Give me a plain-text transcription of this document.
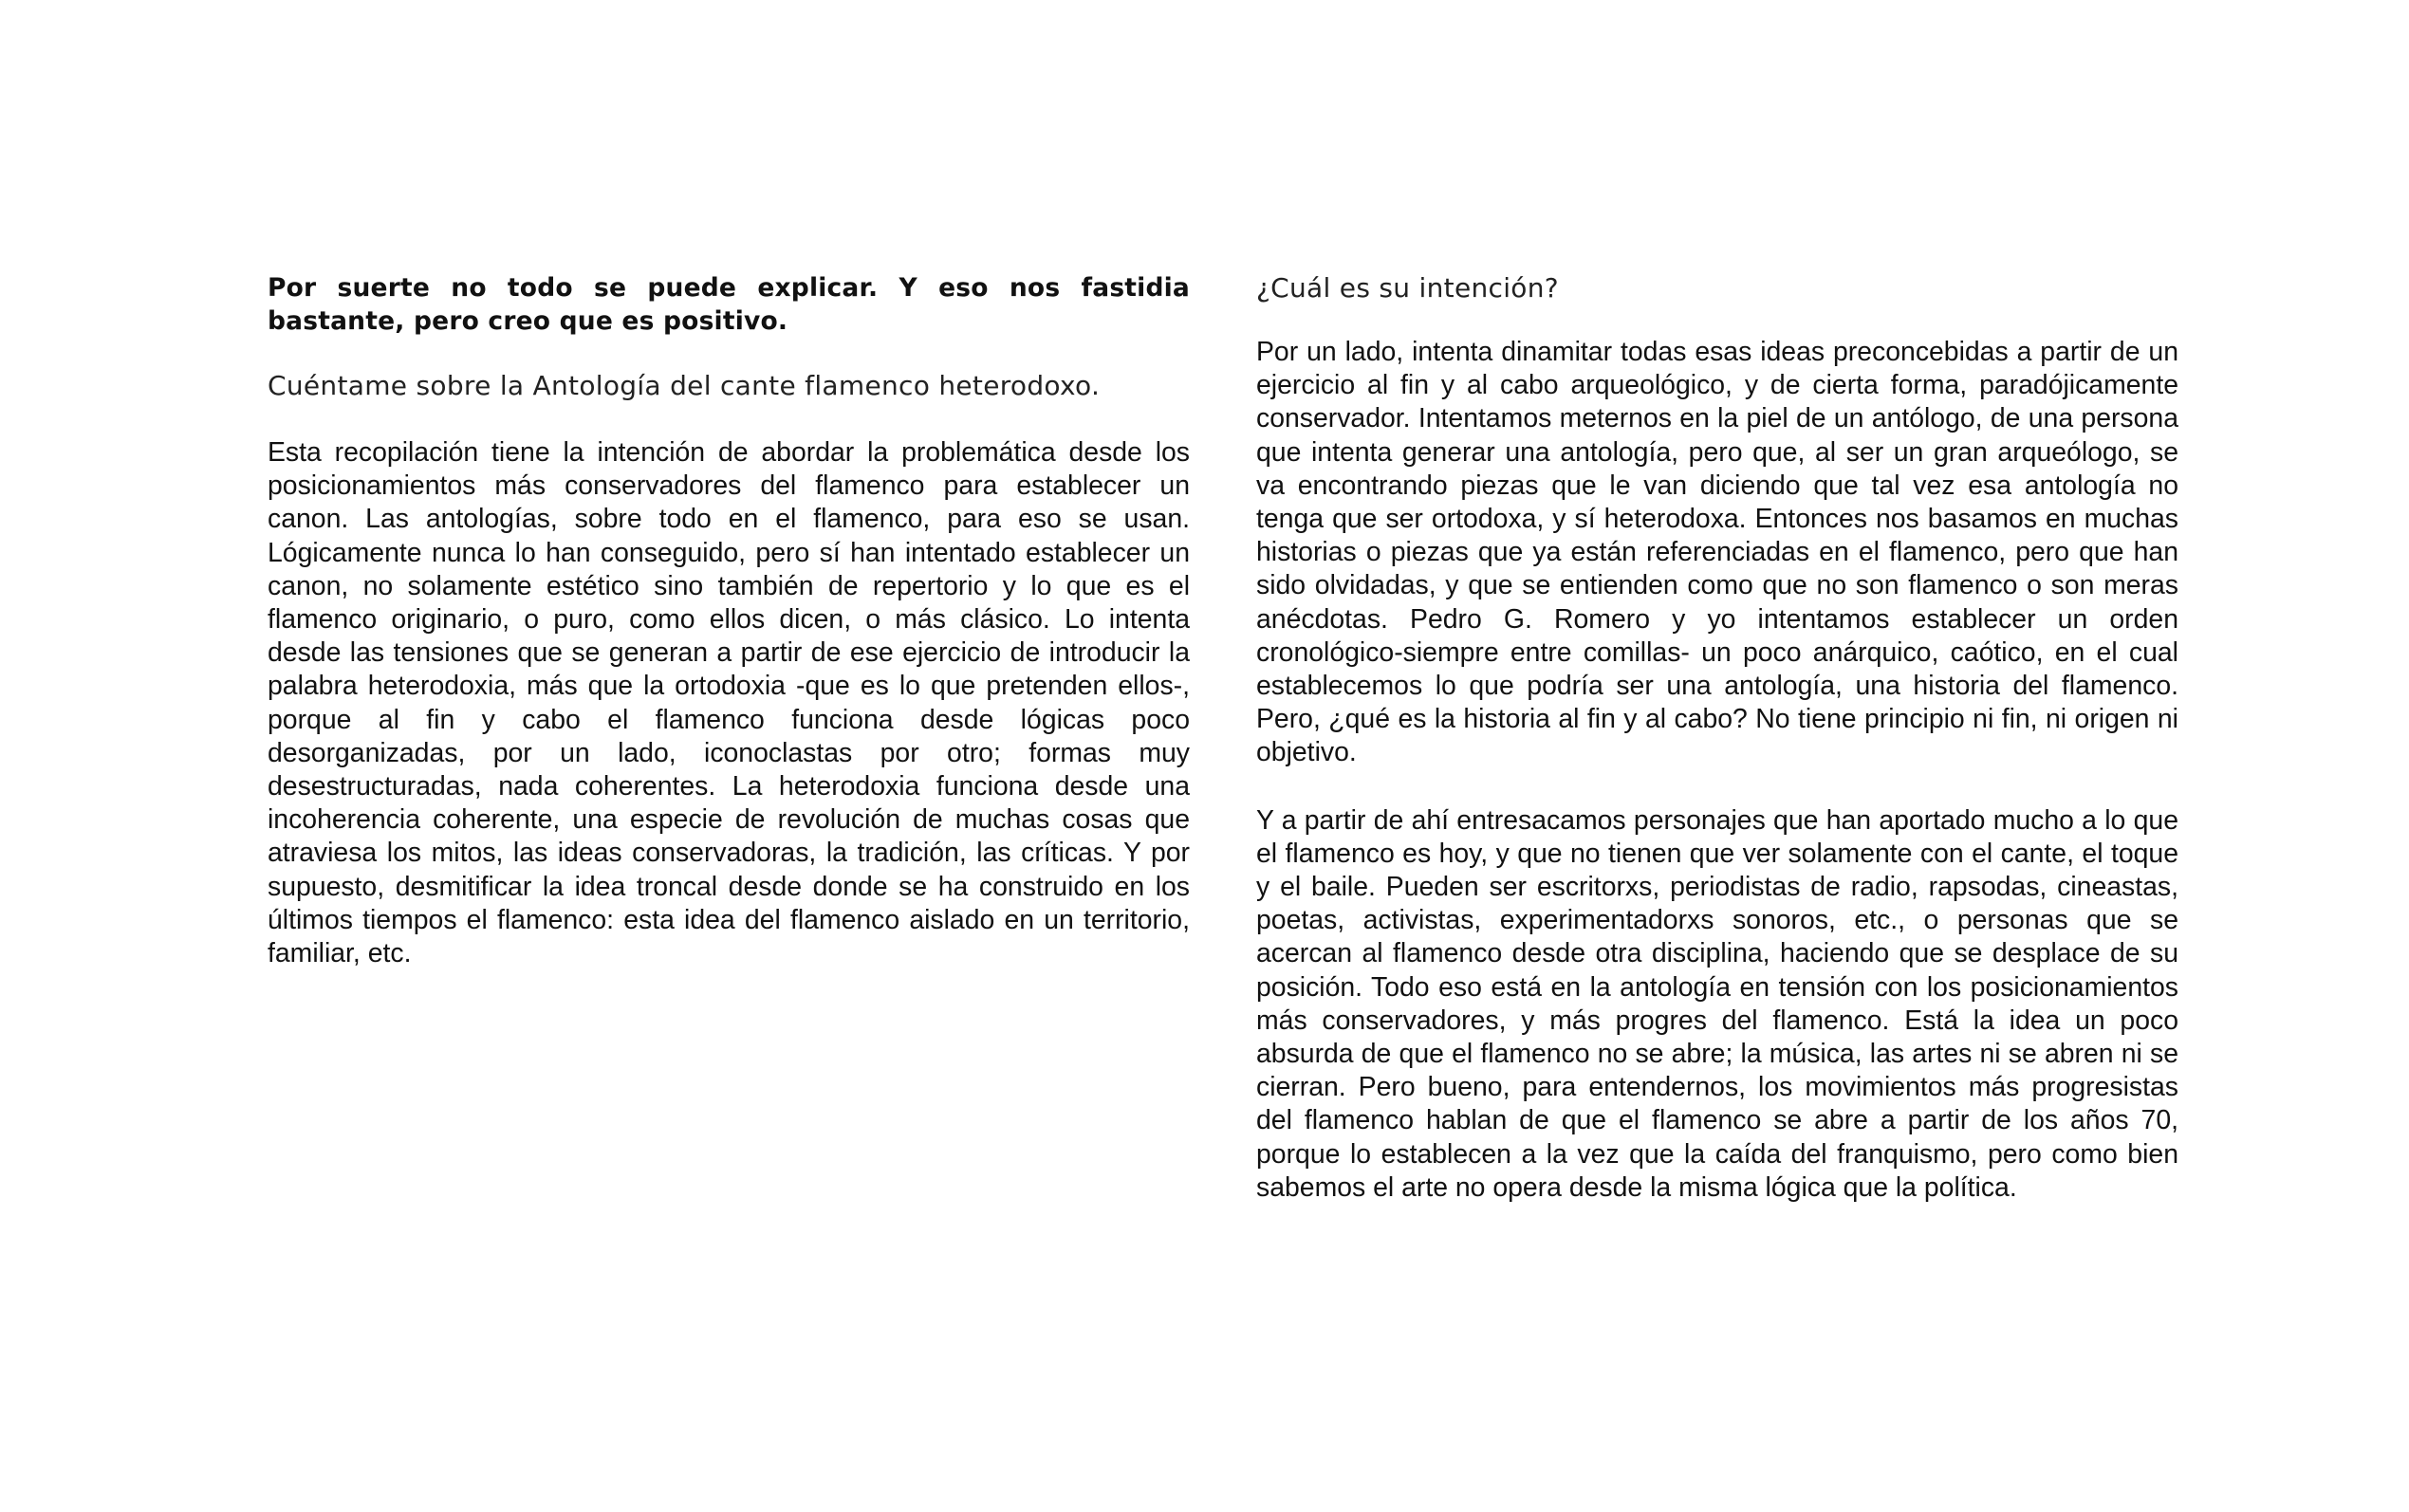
Por suerte no todo se puede explicar. Y eso nos fastidia bastante, pero creo que es positivo.

Cuéntame sobre la Antología del cante flamenco heterodoxo.

Esta recopilación tiene la intención de abordar la problemática desde los posicionamientos más conservadores del flamenco para establecer un canon. Las antologías, sobre todo en el flamenco, para eso se usan. Lógicamente nunca lo han conseguido, pero sí han intentado establecer un canon, no solamente estético sino también de repertorio y lo que es el flamenco originario, o puro, como ellos dicen, o más clásico. Lo intenta desde las tensiones que se generan a partir de ese ejercicio de introducir la palabra heterodoxia, más que la ortodoxia -que es lo que pretenden ellos-, porque al fin y cabo el flamenco funciona desde lógicas poco desorganizadas, por un lado, iconoclastas por otro; formas muy desestructuradas, nada coherentes. La heterodoxia funciona desde una incoherencia coherente, una especie de revolución de muchas cosas que atraviesa los mitos, las ideas conservadoras, la tradición, las críticas. Y por supuesto, desmitificar la idea troncal desde donde se ha construido en los últimos tiempos el flamenco: esta idea del flamenco aislado en un territorio, familiar, etc.

¿Cuál es su intención?

Por un lado, intenta dinamitar todas esas ideas preconcebidas a partir de un ejercicio al fin y al cabo arqueológico, y de cierta forma, paradójicamente conservador. Intentamos meternos en la piel de un antólogo, de una persona que intenta generar una antología, pero que, al ser un gran arqueólogo, se va encontrando piezas que le van diciendo que tal vez esa antología no tenga que ser ortodoxa, y sí heterodoxa. Entonces nos basamos en muchas historias o piezas que ya están referenciadas en el flamenco, pero que han sido olvidadas, y que se entienden como que no son flamenco o son meras anécdotas. Pedro G. Romero y yo intentamos establecer un orden cronológico-siempre entre comillas- un poco anárquico, caótico, en el cual establecemos lo que podría ser una antología, una historia del flamenco. Pero, ¿qué es la historia al fin y al cabo? No tiene principio ni fin, ni origen ni objetivo.

Y a partir de ahí entresacamos personajes que han aportado mucho a lo que el flamenco es hoy, y que no tienen que ver solamente con el cante, el toque y el baile. Pueden ser escritorxs, periodistas de radio, rapsodas, cineastas, poetas, activistas, experimentadorxs sonoros, etc., o personas que se acercan al flamenco desde otra disciplina, haciendo que se desplace de su posición. Todo eso está en la antología en tensión con los posicionamientos más conservadores, y más progres del flamenco. Está la idea un poco absurda de que el flamenco no se abre; la música, las artes ni se abren ni se cierran. Pero bueno, para entendernos, los movimientos más progresistas del flamenco hablan de que el flamenco se abre a partir de los años 70, porque lo establecen a la vez que la caída del franquismo, pero como bien sabemos el arte no opera desde la misma lógica que la política.
